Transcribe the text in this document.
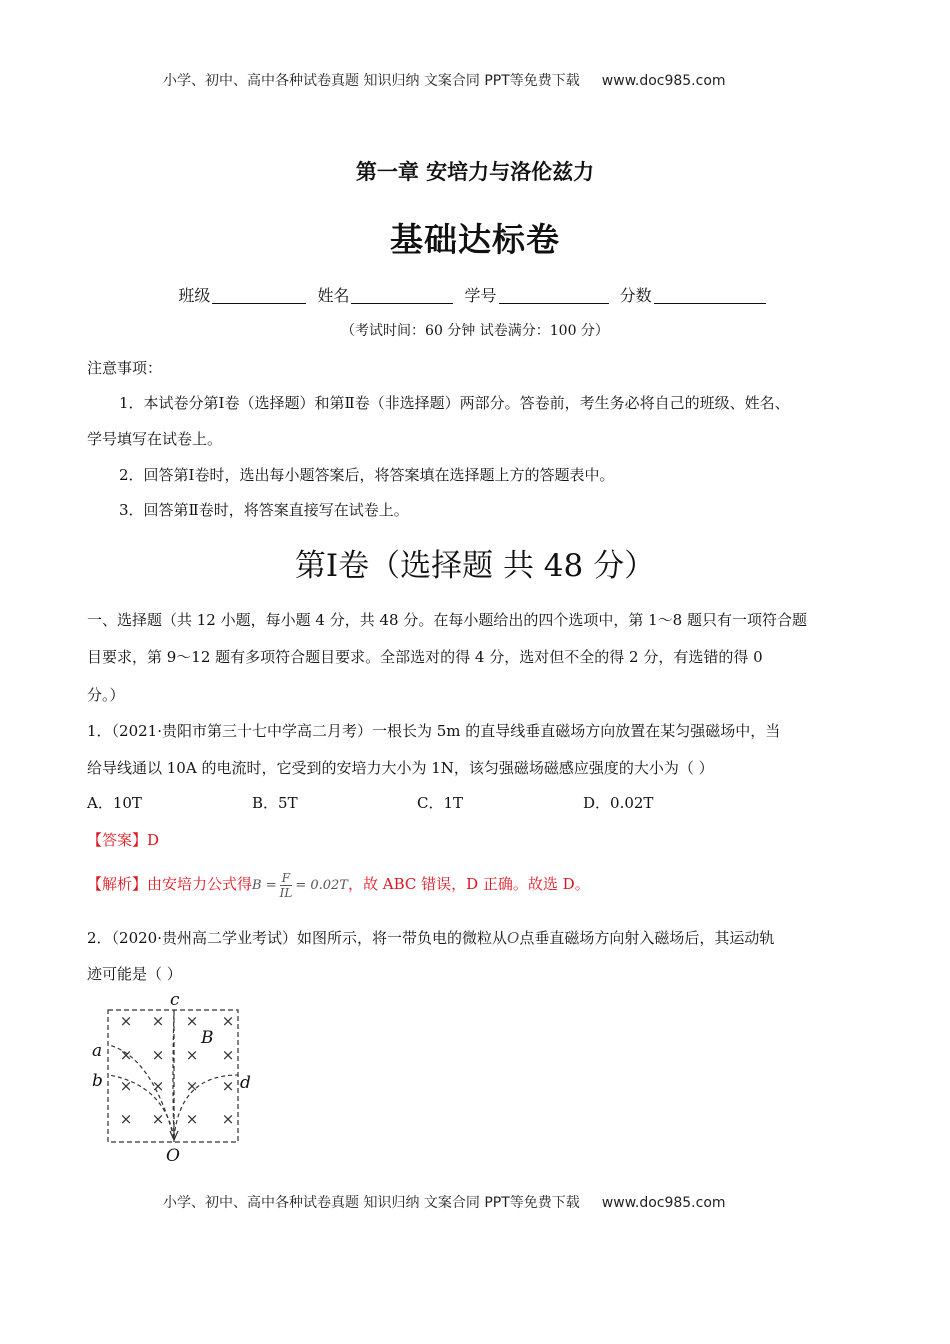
小学、初中、高中各种试卷真题 知识归纳 文案合同 PPT等免费下载 www.doc985.com
第一章 安培力与洛伦兹力
基础达标卷
班级	姓名	学号	分数
（考试时间：60 分钟 试卷满分：100 分）
注意事项：
1．本试卷分第Ⅰ卷（选择题）和第Ⅱ卷（非选择题）两部分。答卷前，考生务必将自己的班级、姓名、
学号填写在试卷上。
2．回答第Ⅰ卷时，选出每小题答案后，将答案填在选择题上方的答题表中。
3．回答第Ⅱ卷时，将答案直接写在试卷上。
第Ⅰ卷（选择题 共 48 分）
一、选择题（共 12 小题，每小题 4 分，共 48 分。在每小题给出的四个选项中，第 1～8 题只有一项符合题
目要求，第 9～12 题有多项符合题目要求。全部选对的得 4 分，选对但不全的得 2 分，有选错的得 0
分。）
1．（2021·贵阳市第三十七中学高二月考）一根长为 5m 的直导线垂直磁场方向放置在某匀强磁场中，当
给导线通以 10A 的电流时，它受到的安培力大小为 1N，该匀强磁场磁感应强度的大小为（ ）
A．10T	B．5T	C．1T	D．0.02T
【答案】D
【解析】由安培力公式得$B = \frac{F}{IL} = 0.02T$，故 ABC 错误，D 正确。故选 D。
2．（2020·贵州高二学业考试）如图所示，将一带负电的微粒从O点垂直磁场方向射入磁场后，其运动轨
迹可能是（ ）
× × × ×
× × × ×
× × × ×
× × × ×
c
a
b
B
d
O
小学、初中、高中各种试卷真题 知识归纳 文案合同 PPT等免费下载 www.doc985.com
